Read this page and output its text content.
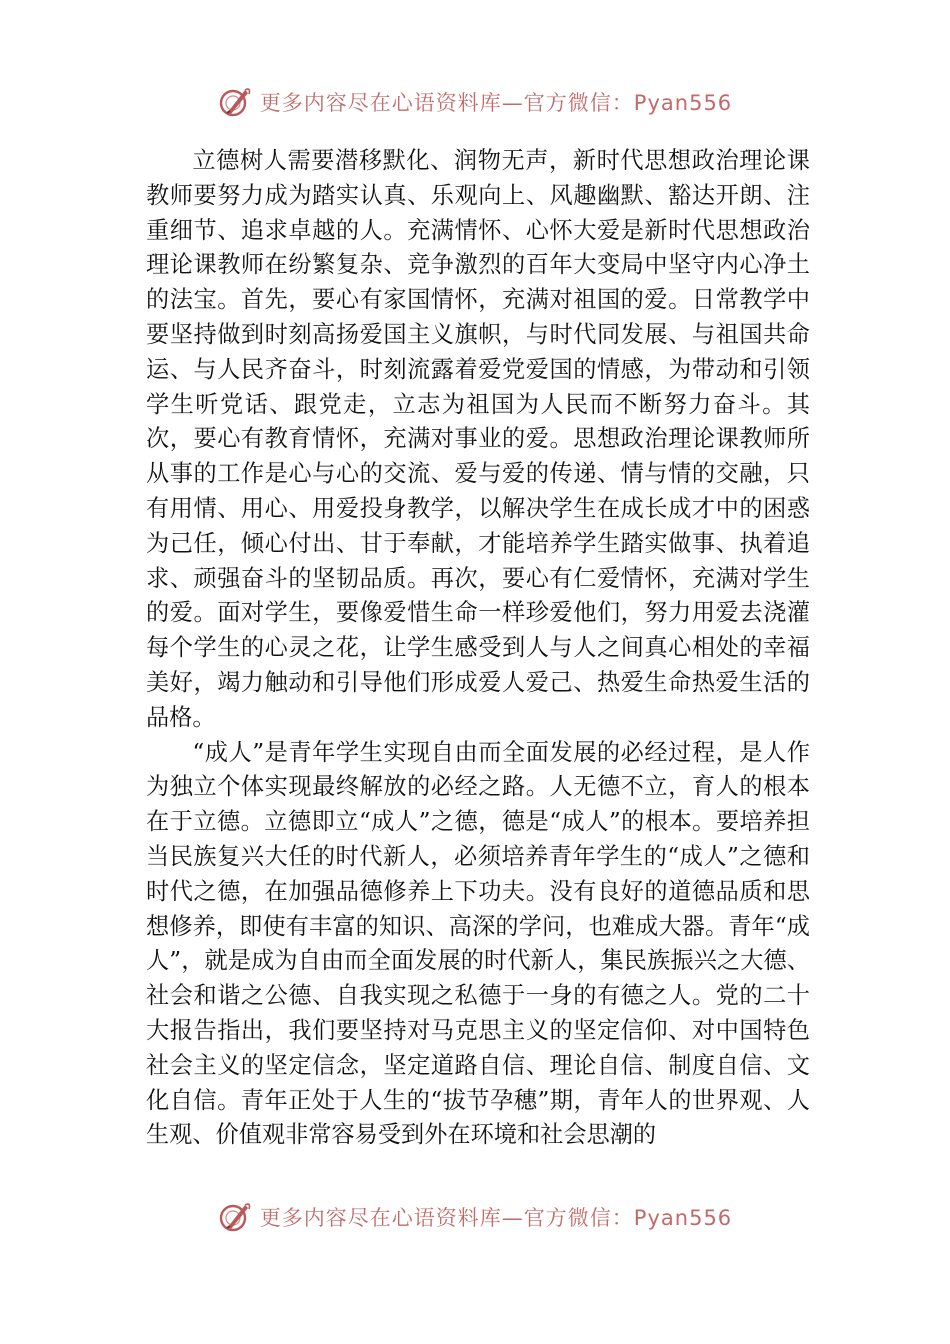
更多内容尽在心语资料库—官方微信：Pyan556

立德树人需要潜移默化、润物无声，新时代思想政治理论课教师要努力成为踏实认真、乐观向上、风趣幽默、豁达开朗、注重细节、追求卓越的人。充满情怀、心怀大爱是新时代思想政治理论课教师在纷繁复杂、竞争激烈的百年大变局中坚守内心净土的法宝。首先，要心有家国情怀，充满对祖国的爱。日常教学中要坚持做到时刻高扬爱国主义旗帜，与时代同发展、与祖国共命运、与人民齐奋斗，时刻流露着爱党爱国的情感，为带动和引领学生听党话、跟党走，立志为祖国为人民而不断努力奋斗。其次，要心有教育情怀，充满对事业的爱。思想政治理论课教师所从事的工作是心与心的交流、爱与爱的传递、情与情的交融，只有用情、用心、用爱投身教学，以解决学生在成长成才中的困惑为己任，倾心付出、甘于奉献，才能培养学生踏实做事、执着追求、顽强奋斗的坚韧品质。再次，要心有仁爱情怀，充满对学生的爱。面对学生，要像爱惜生命一样珍爱他们，努力用爱去浇灌每个学生的心灵之花，让学生感受到人与人之间真心相处的幸福美好，竭力触动和引导他们形成爱人爱己、热爱生命热爱生活的品格。

“成人”是青年学生实现自由而全面发展的必经过程，是人作为独立个体实现最终解放的必经之路。人无德不立，育人的根本在于立德。立德即立“成人”之德，德是“成人”的根本。要培养担当民族复兴大任的时代新人，必须培养青年学生的“成人”之德和时代之德，在加强品德修养上下功夫。没有良好的道德品质和思想修养，即使有丰富的知识、高深的学问，也难成大器。青年“成人”，就是成为自由而全面发展的时代新人，集民族振兴之大德、社会和谐之公德、自我实现之私德于一身的有德之人。党的二十大报告指出，我们要坚持对马克思主义的坚定信仰、对中国特色社会主义的坚定信念，坚定道路自信、理论自信、制度自信、文化自信。青年正处于人生的“拔节孕穗”期，青年人的世界观、人生观、价值观非常容易受到外在环境和社会思潮的

更多内容尽在心语资料库—官方微信：Pyan556
